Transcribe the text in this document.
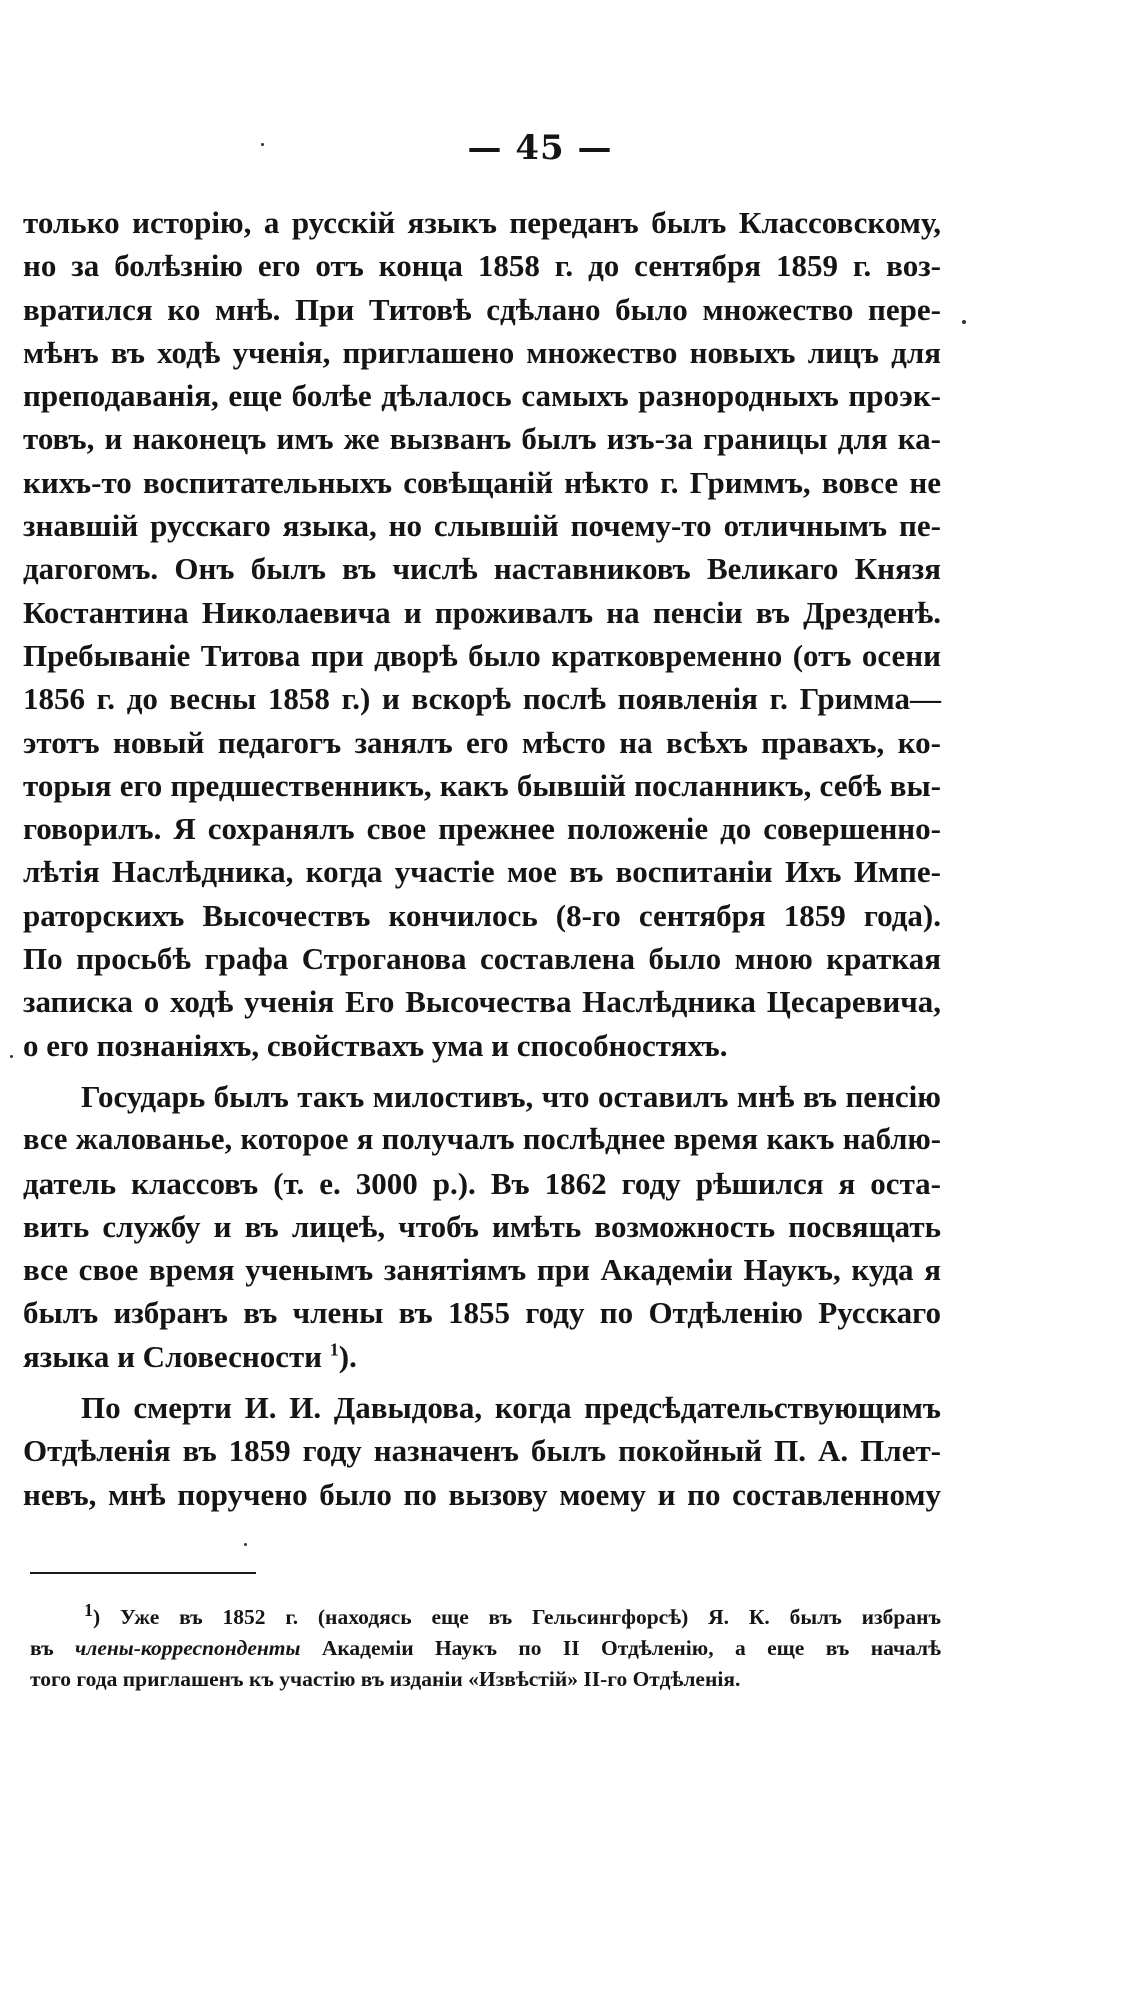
— 45 —
только исторію, а русскій языкъ переданъ былъ Классовскому,
но за болѣзнію его отъ конца 1858 г. до сентября 1859 г. воз-
вратился ко мнѣ. При Титовѣ сдѣлано было множество пере-
мѣнъ въ ходѣ ученія, приглашено множество новыхъ лицъ для
преподаванія, еще болѣе дѣлалось самыхъ разнородныхъ проэк-
товъ, и наконецъ имъ же вызванъ былъ изъ-за границы для ка-
кихъ-то воспитательныхъ совѣщаній нѣкто г. Гриммъ, вовсе не
знавшій русскаго языка, но слывшій почему-то отличнымъ пе-
дагогомъ. Онъ былъ въ числѣ наставниковъ Великаго Князя
Костантина Николаевича и проживалъ на пенсіи въ Дрезденѣ.
Пребываніе Титова при дворѣ было кратковременно (отъ осени
1856 г. до весны 1858 г.) и вскорѣ послѣ появленія г. Гримма—
этотъ новый педагогъ занялъ его мѣсто на всѣхъ правахъ, ко-
торыя его предшественникъ, какъ бывшій посланникъ, себѣ вы-
говорилъ. Я сохранялъ свое прежнее положеніе до совершенно-
лѣтія Наслѣдника, когда участіе мое въ воспитаніи Ихъ Импе-
раторскихъ Высочествъ кончилось (8-го сентября 1859 года).
По просьбѣ графа Строганова составлена было мною краткая
записка о ходѣ ученія Его Высочества Наслѣдника Цесаревича,
о его познаніяхъ, свойствахъ ума и способностяхъ.
Государь былъ такъ милостивъ, что оставилъ мнѣ въ пенсію
все жалованье, которое я получалъ послѣднее время какъ наблю-
датель классовъ (т. е. 3000 р.). Въ 1862 году рѣшился я оста-
вить службу и въ лицеѣ, чтобъ имѣть возможность посвящать
все свое время ученымъ занятіямъ при Академіи Наукъ, куда я
былъ избранъ въ члены въ 1855 году по Отдѣленію Русскаго
языка и Словесности $^1$).
По смерти И. И. Давыдова, когда предсѣдательствующимъ
Отдѣленія въ 1859 году назначенъ былъ покойный П. А. Плет-
невъ, мнѣ поручено было по вызову моему и по составленному
$^1$) Уже въ 1852 г. (находясь еще въ Гельсингфорсѣ) Я. К. былъ избранъ
въ члены-корреспонденты Академіи Наукъ по II Отдѣленію, а еще въ началѣ
того года приглашенъ къ участію въ изданіи «Извѣстій» II-го Отдѣленія.
